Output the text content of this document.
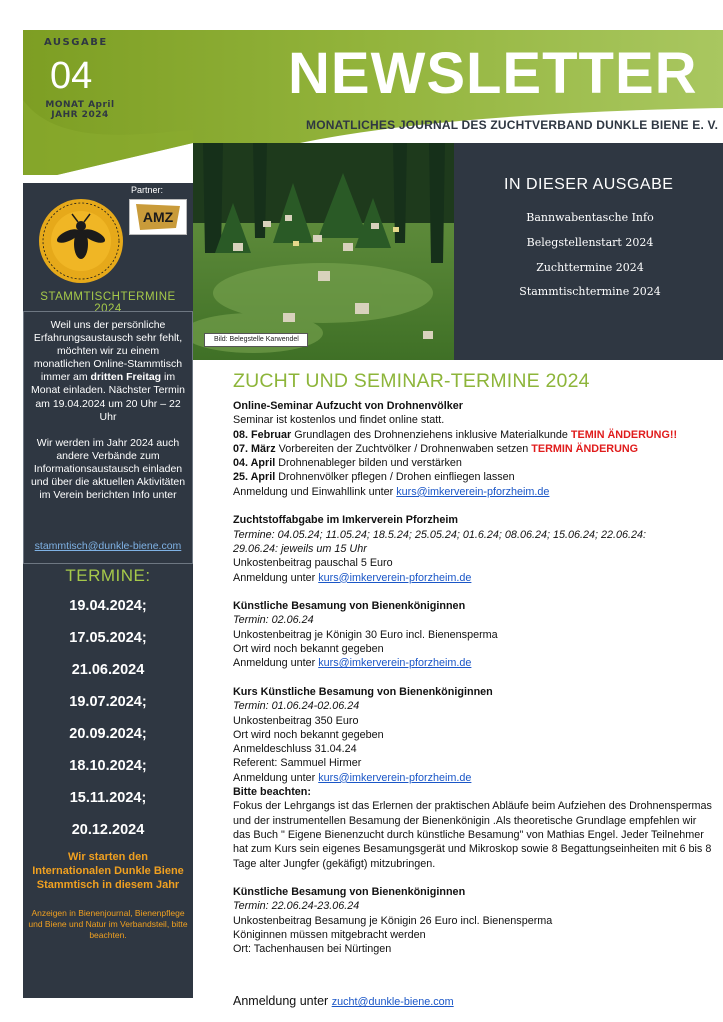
AUSGABE
04
MONAT April
JAHR 2024
NEWSLETTER
MONATLICHES JOURNAL DES ZUCHTVERBAND DUNKLE BIENE E. V.
Partner:
AMZ
STAMMTISCHTERMINE 2024

Weil uns der persönliche Erfahrungsaustausch sehr fehlt, möchten wir zu einem monatlichen Online-Stammtisch immer am dritten Freitag im Monat einladen. Nächster Termin am 19.04.2024 um 20 Uhr – 22 Uhr

Wir werden im Jahr 2024 auch andere Verbände zum Informationsaustausch einladen und über die aktuellen Aktivitäten im Verein berichten Info unter

stammtisch@dunkle-biene.com
TERMINE:
19.04.2024;
17.05.2024;
21.06.2024
19.07.2024;
20.09.2024;
18.10.2024;
15.11.2024;
20.12.2024
Wir starten den Internationalen Dunkle Biene Stammtisch in diesem Jahr
Anzeigen in Bienenjournal, Bienenpflege und Biene und Natur im Verbandsteil, bitte beachten.
Bild: Belegstelle Karwendel
IN DIESER AUSGABE
Bannwabentasche Info
Belegstellenstart 2024
Zuchttermine 2024
Stammtischtermine 2024
ZUCHT UND SEMINAR-TERMINE 2024
Online-Seminar Aufzucht von Drohnenvölker
Seminar ist kostenlos und findet online statt.
08. Februar Grundlagen des Drohnenziehens inklusive Materialkunde TEMIN ÄNDERUNG!!
07. März Vorbereiten der Zuchtvölker / Drohnenwaben setzen TERMIN ÄNDERUNG
04. April Drohnenableger bilden und verstärken
25. April Drohnenvölker pflegen / Drohen einfliegen lassen
Anmeldung und Einwahllink unter kurs@imkerverein-pforzheim.de
Zuchtstoffabgabe im Imkerverein Pforzheim
Termine: 04.05.24; 11.05.24; 18.5.24; 25.05.24; 01.6.24; 08.06.24; 15.06.24; 22.06.24:
29.06.24: jeweils um 15 Uhr
Unkostenbeitrag pauschal 5 Euro
Anmeldung unter kurs@imkerverein-pforzheim.de
Künstliche Besamung von Bienenköniginnen
Termin: 02.06.24
Unkostenbeitrag je Königin 30 Euro incl. Bienensperma
Ort wird noch bekannt gegeben
Anmeldung unter kurs@imkerverein-pforzheim.de
Kurs Künstliche Besamung von Bienenköniginnen
Termin: 01.06.24-02.06.24
Unkostenbeitrag 350 Euro
Ort wird noch bekannt gegeben
Anmeldeschluss 31.04.24
Referent: Sammuel Hirmer
Anmeldung unter kurs@imkerverein-pforzheim.de
Bitte beachten:
Fokus der Lehrgangs ist das Erlernen der praktischen Abläufe beim Aufziehen des Drohnenspermas und der instrumentellen Besamung der Bienenkönigin .Als theoretische Grundlage empfehlen wir das Buch " Eigene Bienenzucht durch künstliche Besamung" von Mathias Engel. Jeder Teilnehmer hat zum Kurs sein eigenes Besamungsgerät und Mikroskop sowie 8 Begattungseinheiten mit 6 bis 8 Tage alter Jungfer (gekäfigt) mitzubringen.
Künstliche Besamung von Bienenköniginnen
Termin: 22.06.24-23.06.24
Unkostenbeitrag Besamung je Königin 26 Euro incl. Bienensperma
Königinnen müssen mitgebracht werden
Ort: Tachenhausen bei Nürtingen
Anmeldung unter zucht@dunkle-biene.com
